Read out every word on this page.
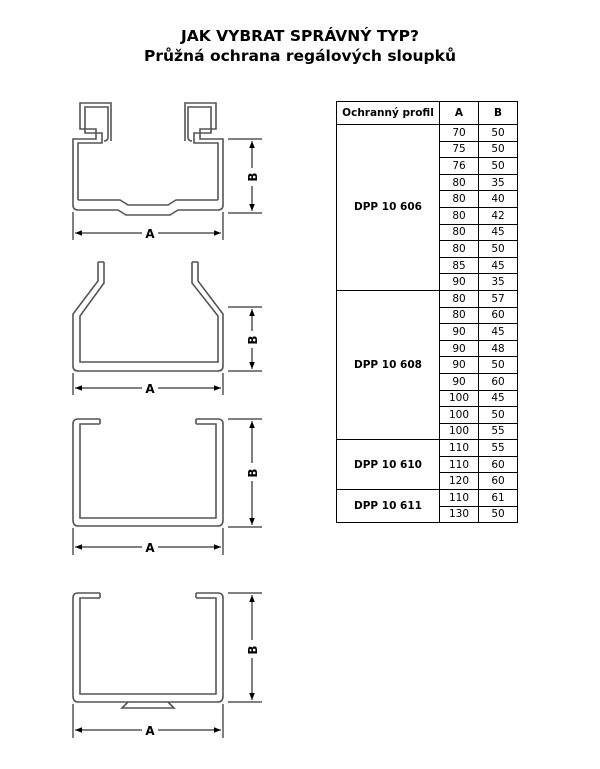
JAK VYBRAT SPRÁVNÝ TYP?
Průžná ochrana regálových sloupků
A
B
A
B
A
B
A
B
Ochranný profil	A	B
DPP 10 606	70	50
	75	50
	76	50
	80	35
	80	40
	80	42
	80	45
	80	50
	85	45
	90	35
DPP 10 608	80	57
	80	60
	90	45
	90	48
	90	50
	90	60
	100	45
	100	50
	100	55
DPP 10 610	110	55
	110	60
	120	60
DPP 10 611	110	61
	130	50
